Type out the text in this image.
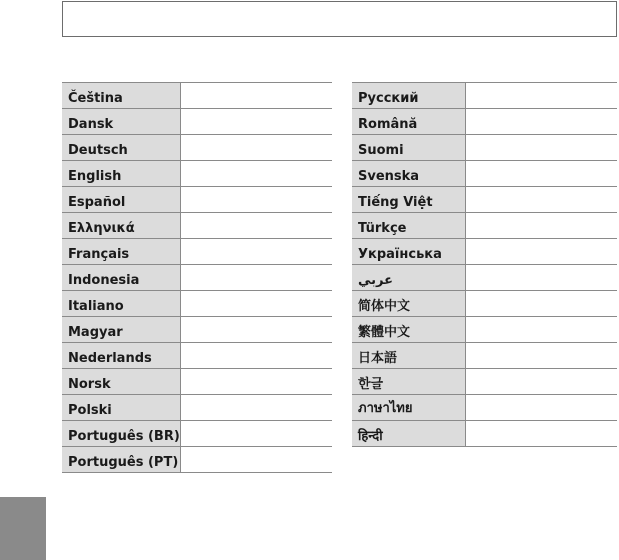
Čeština	
Dansk	
Deutsch	
English	
Español	
Ελληνικά	
Français	
Indonesia	
Italiano	
Magyar	
Nederlands	
Norsk	
Polski	
Português (BR)	
Português (PT)	
Русский	
Română	
Suomi	
Svenska	
Tiếng Việt	
Türkçe	
Українська	
عربي	
简体中文	
繁體中文	
日本語	
한글	
ภาษาไทย	
हिन्दी	
